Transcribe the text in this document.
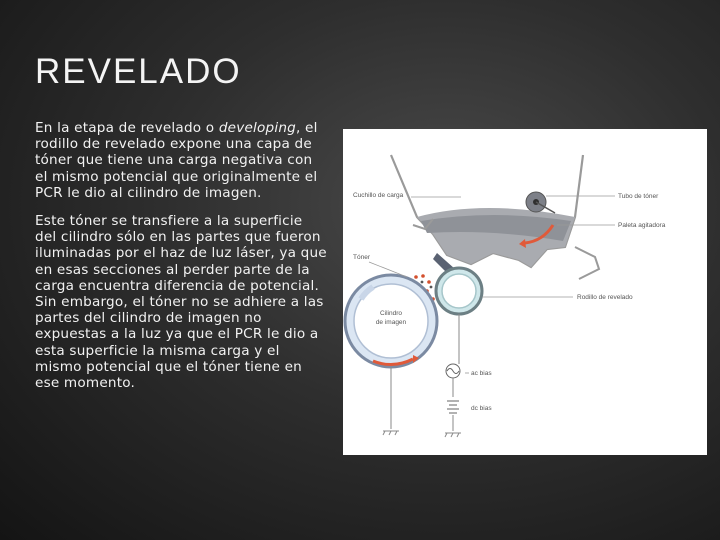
REVELADO

En la etapa de revelado o developing, el rodillo de revelado expone una capa de tóner que tiene una carga negativa con el mismo potencial que originalmente el PCR le dio al cilindro de imagen.

Este tóner se transfiere a la superficie del cilindro sólo en las partes que fueron iluminadas por el haz de luz láser, ya que en esas secciones al perder parte de la carga encuentra diferencia de potencial. Sin embargo, el tóner no se adhiere a las partes del cilindro de imagen no expuestas a la luz ya que el PCR le dio a esta superficie la misma carga y el mismo potencial que el tóner tiene en ese momento.

Cilindro
de imagen
Cuchillo de carga
Tóner
Tubo de tóner
Paleta agitadora
Rodillo de revelado
ac bias
dc bias
